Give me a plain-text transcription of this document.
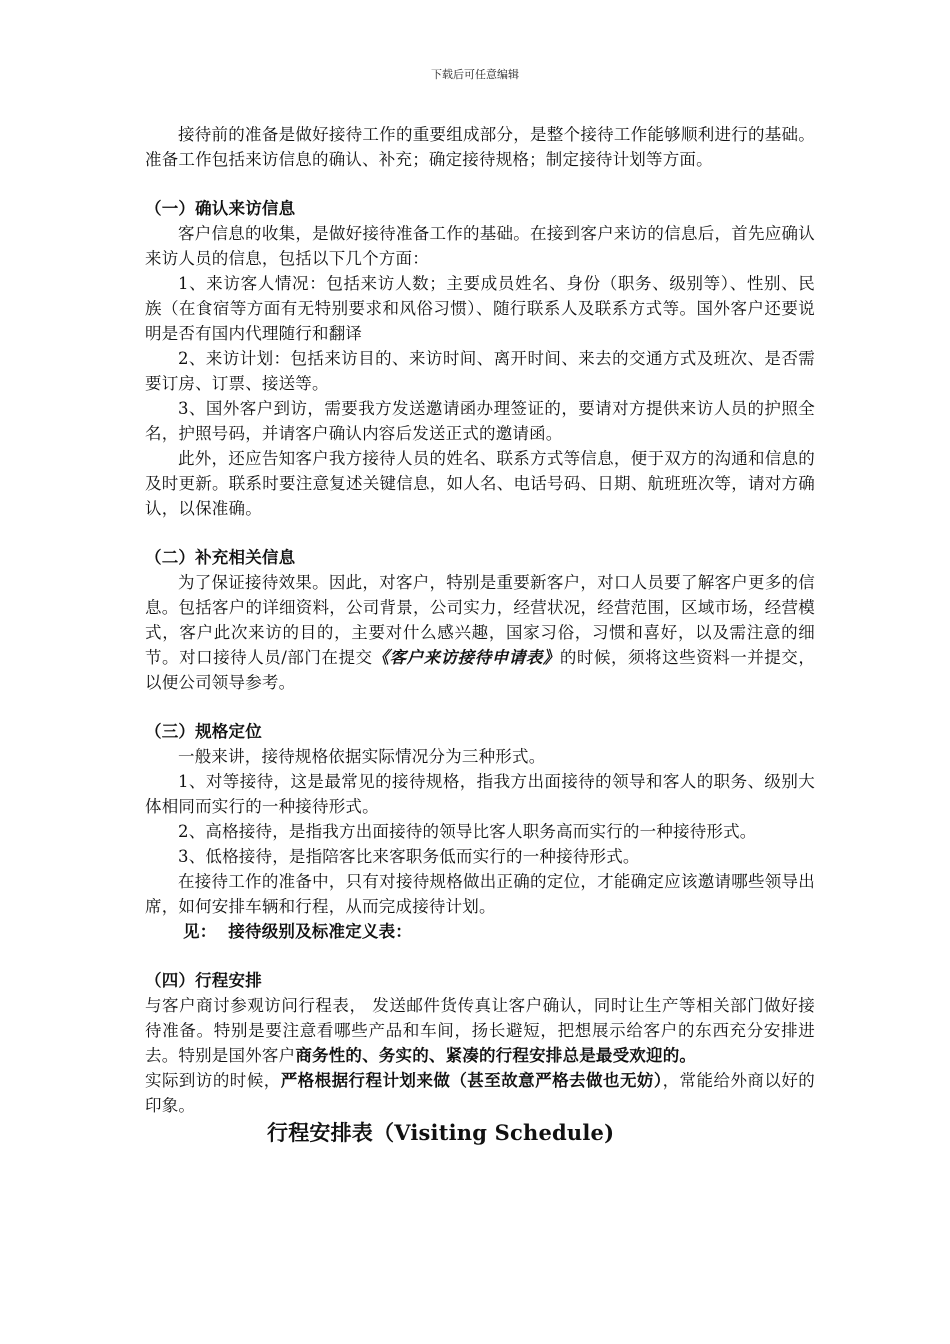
下载后可任意编辑

接待前的准备是做好接待工作的重要组成部分，是整个接待工作能够顺利进行的基础。准备工作包括来访信息的确认、补充；确定接待规格；制定接待计划等方面。

（一）确认来访信息

客户信息的收集，是做好接待准备工作的基础。在接到客户来访的信息后，首先应确认来访人员的信息，包括以下几个方面：

1、来访客人情况：包括来访人数；主要成员姓名、身份（职务、级别等）、性别、民族（在食宿等方面有无特别要求和风俗习惯）、随行联系人及联系方式等。国外客户还要说明是否有国内代理随行和翻译

2、来访计划：包括来访目的、来访时间、离开时间、来去的交通方式及班次、是否需要订房、订票、接送等。

3、国外客户到访，需要我方发送邀请函办理签证的，要请对方提供来访人员的护照全名，护照号码，并请客户确认内容后发送正式的邀请函。

此外，还应告知客户我方接待人员的姓名、联系方式等信息，便于双方的沟通和信息的及时更新。联系时要注意复述关键信息，如人名、电话号码、日期、航班班次等，请对方确认，以保准确。

（二）补充相关信息

为了保证接待效果。因此，对客户，特别是重要新客户，对口人员要了解客户更多的信息。包括客户的详细资料，公司背景，公司实力，经营状况，经营范围，区域市场，经营模式，客户此次来访的目的，主要对什么感兴趣，国家习俗，习惯和喜好，以及需注意的细节。对口接待人员/部门在提交《客户来访接待申请表》的时候，须将这些资料一并提交，以便公司领导参考。

（三）规格定位

一般来讲，接待规格依据实际情况分为三种形式。

1、对等接待，这是最常见的接待规格，指我方出面接待的领导和客人的职务、级别大体相同而实行的一种接待形式。

2、高格接待，是指我方出面接待的领导比客人职务高而实行的一种接待形式。

3、低格接待，是指陪客比来客职务低而实行的一种接待形式。

在接待工作的准备中，只有对接待规格做出正确的定位，才能确定应该邀请哪些领导出席，如何安排车辆和行程，从而完成接待计划。

见： 接待级别及标准定义表：

（四）行程安排

与客户商讨参观访问行程表， 发送邮件货传真让客户确认，同时让生产等相关部门做好接待准备。特别是要注意看哪些产品和车间，扬长避短，把想展示给客户的东西充分安排进去。特别是国外客户商务性的、务实的、紧凑的行程安排总是最受欢迎的。

实际到访的时候，严格根据行程计划来做（甚至故意严格去做也无妨），常能给外商以好的印象。

行程安排表（Visiting Schedule)
